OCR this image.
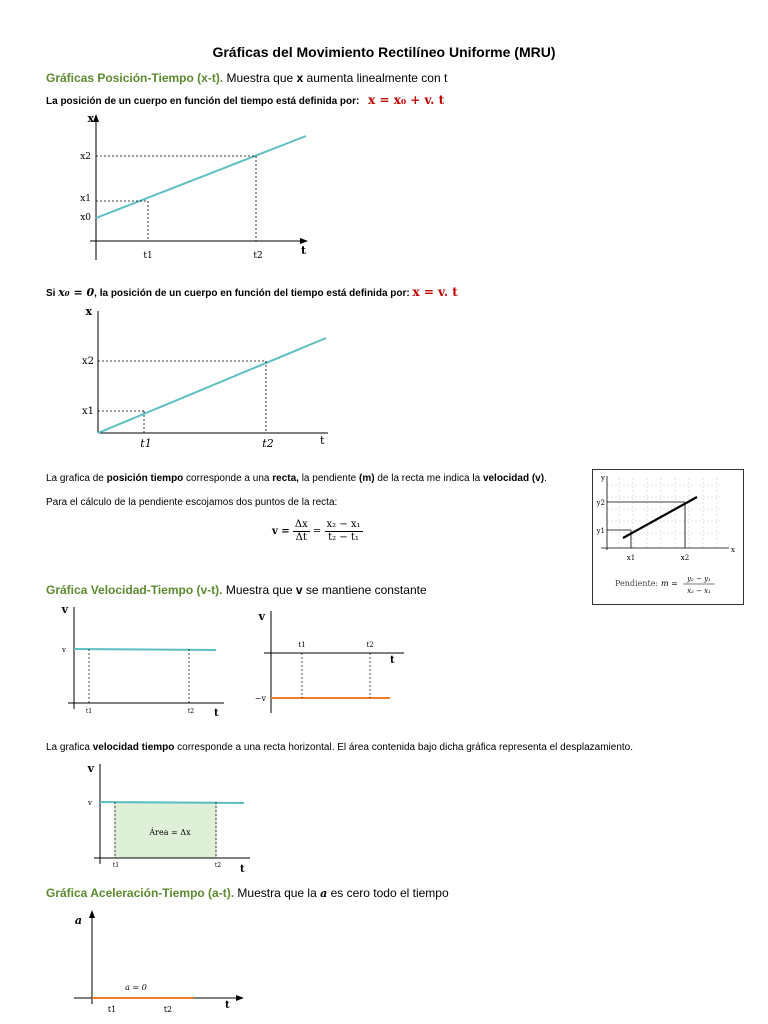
Gráficas del Movimiento Rectilíneo Uniforme (MRU)
Gráficas Posición-Tiempo (x-t). Muestra que x aumenta linealmente con t
La posición de un cuerpo en función del tiempo está definida por: x = x₀ + v. t
x
t
x2
x1
x0
t1	t2
Si x₀ = 0, la posición de un cuerpo en función del tiempo está definida por: x = v. t
x
t
x2
x1
t1	t2
La grafica de posición tiempo corresponde a una recta, la pendiente (m) de la recta me indica la velocidad (v).
Para el cálculo de la pendiente escojamos dos puntos de la recta:
$v = \frac{\Delta x}{\Delta t} = \frac{\text{x₂ − x₁}}{\text{t₂ − t₁}}$
y
x
y2
y1
x1	x2
Pendiente: m = y₂ − y₁
x₂ − x₁
Gráfica Velocidad-Tiempo (v-t). Muestra que v se mantiene constante
v
t
v
t1	t2
v
t
−v
t1	t2
La grafica velocidad tiempo corresponde a una recta horizontal. El área contenida bajo dicha gráfica representa el desplazamiento.
v
t
v
t1	t2
Área = Δx
Gráfica Aceleración-Tiempo (a-t). Muestra que la a es cero todo el tiempo
a
t
t1	t2
a = 0
